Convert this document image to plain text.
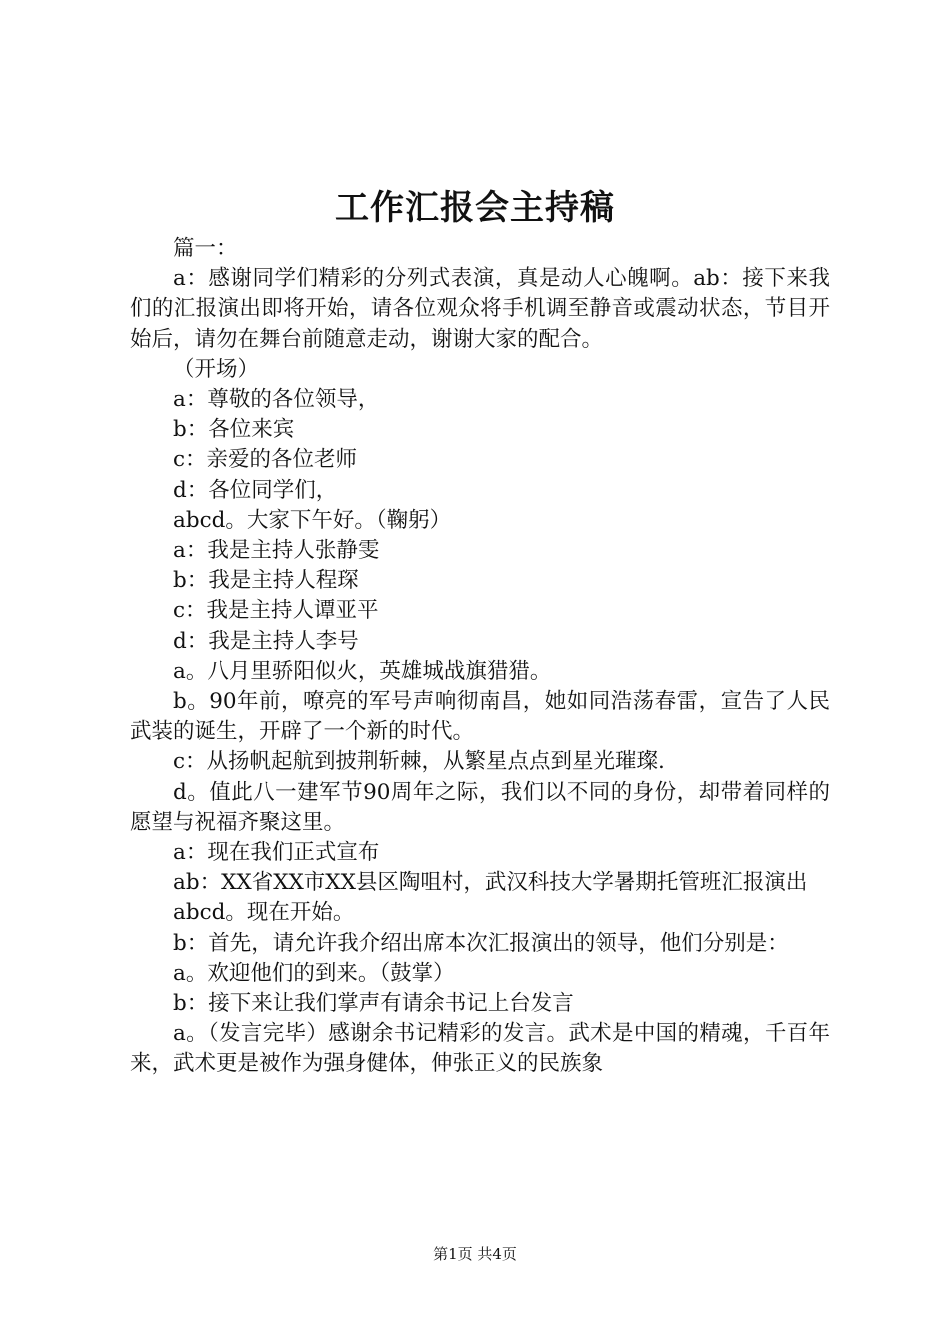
工作汇报会主持稿

篇一：

a：感谢同学们精彩的分列式表演，真是动人心魄啊。ab：接下来我们的汇报演出即将开始，请各位观众将手机调至静音或震动状态，节目开始后，请勿在舞台前随意走动，谢谢大家的配合。

（开场）

a：尊敬的各位领导，

b：各位来宾

c：亲爱的各位老师

d：各位同学们，

abcd。大家下午好。（鞠躬）

a：我是主持人张静雯

b：我是主持人程琛

c：我是主持人谭亚平

d：我是主持人李号

a。八月里骄阳似火，英雄城战旗猎猎。

b。90年前，嘹亮的军号声响彻南昌，她如同浩荡春雷，宣告了人民武装的诞生，开辟了一个新的时代。

c：从扬帆起航到披荆斩棘，从繁星点点到星光璀璨.

d。值此八一建军节90周年之际，我们以不同的身份，却带着同样的愿望与祝福齐聚这里。

a：现在我们正式宣布

ab：XX省XX市XX县区陶咀村，武汉科技大学暑期托管班汇报演出

abcd。现在开始。

b：首先，请允许我介绍出席本次汇报演出的领导，他们分别是：

a。欢迎他们的到来。（鼓掌）

b：接下来让我们掌声有请余书记上台发言

a。（发言完毕）感谢余书记精彩的发言。武术是中国的精魂，千百年来，武术更是被作为强身健体，伸张正义的民族象

第1页 共4页
